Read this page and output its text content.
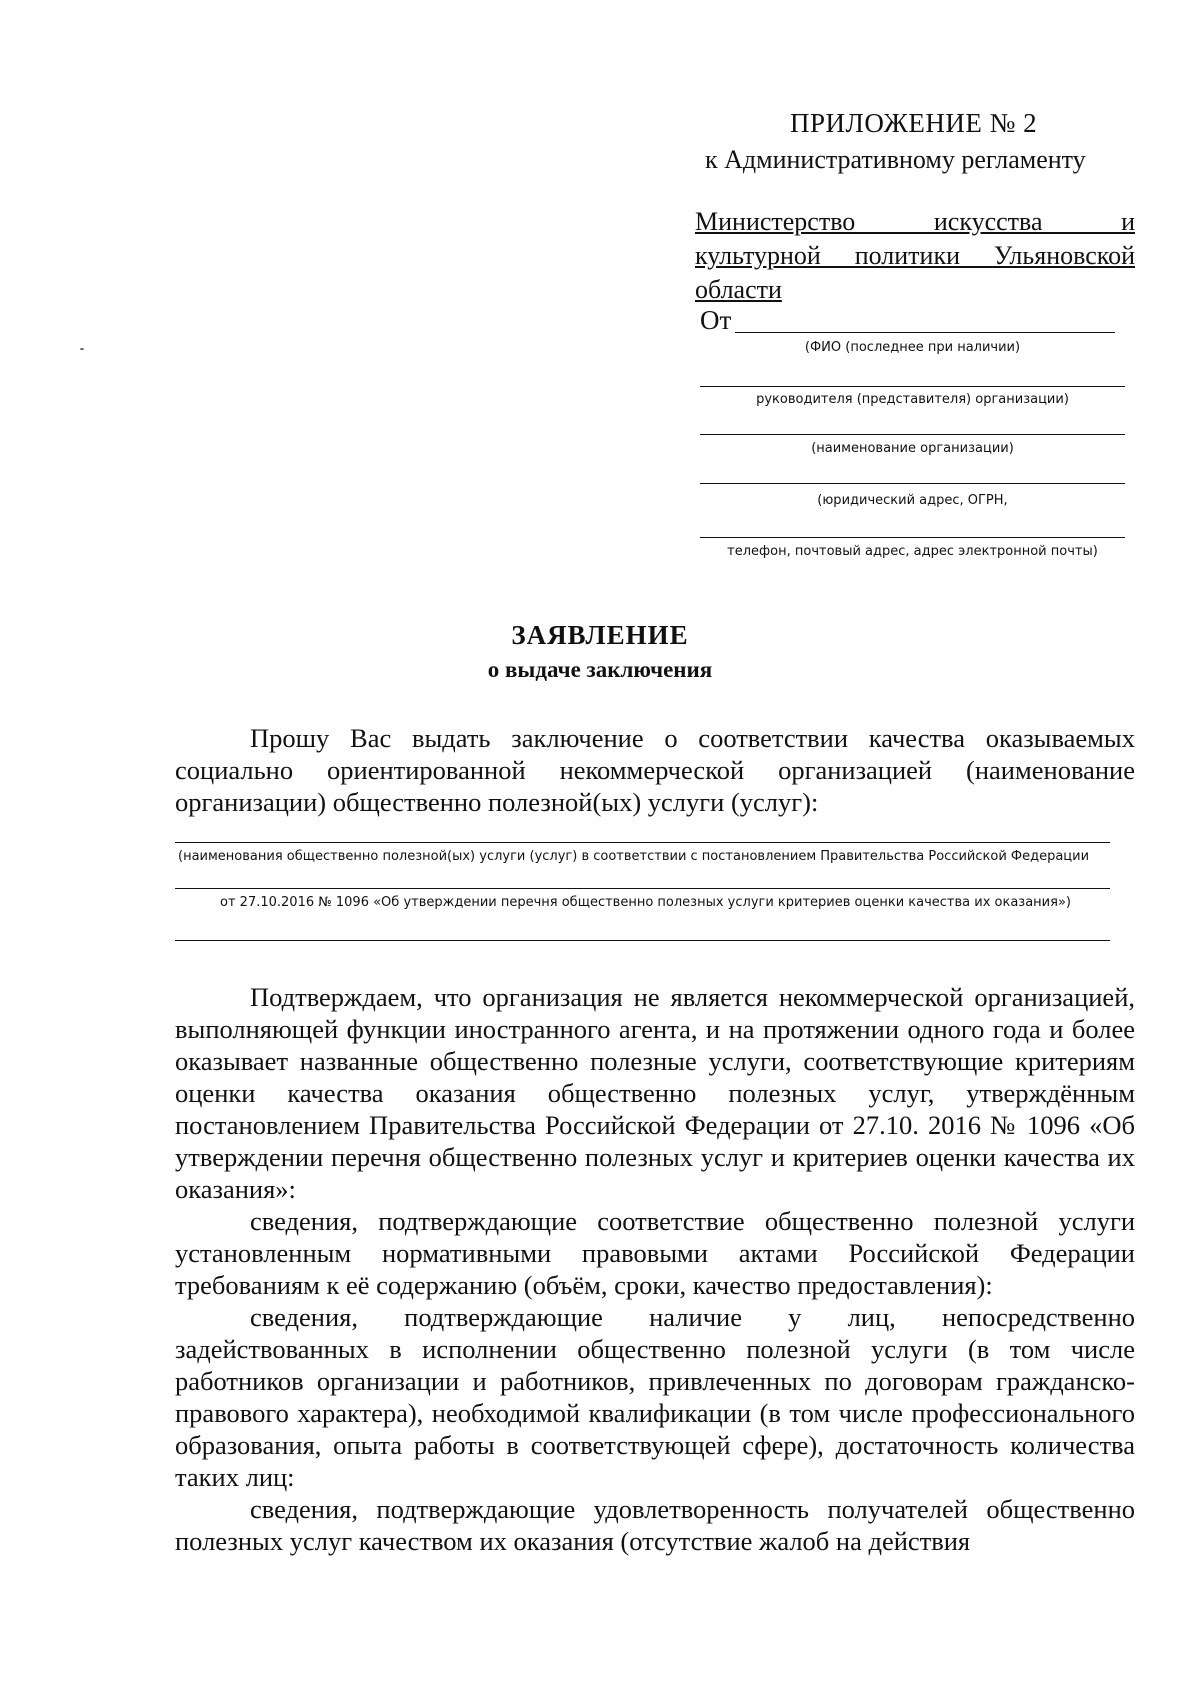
ПРИЛОЖЕНИЕ № 2
к Административному регламенту
Министерство искусства и
культурной политики Ульяновской
области
От
(ФИО (последнее при наличии)
руководителя (представителя) организации)
(наименование организации)
(юридический адрес, ОГРН,
телефон, почтовый адрес, адрес электронной почты)
ЗАЯВЛЕНИЕ
о выдаче заключения

Прошу Вас выдать заключение о соответствии качества оказываемых социально ориентированной некоммерческой организацией (наименование организации) общественно полезной(ых) услуги (услуг):

(наименования общественно полезной(ых) услуги (услуг) в соответствии с постановлением Правительства Российской Федерации
от 27.10.2016 № 1096 «Об утверждении перечня общественно полезных услуги критериев оценки качества их оказания»)

Подтверждаем, что организация не является некоммерческой организацией, выполняющей функции иностранного агента, и на протяжении одного года и более оказывает названные общественно полезные услуги, соответствующие критериям оценки качества оказания общественно полезных услуг, утверждённым постановлением Правительства Российской Федерации от 27.10. 2016 № 1096 «Об утверждении перечня общественно полезных услуг и критериев оценки качества их оказания»:

сведения, подтверждающие соответствие общественно полезной услуги установленным нормативными правовыми актами Российской Федерации требованиям к её содержанию (объём, сроки, качество предоставления):

сведения, подтверждающие наличие у лиц, непосредственно задействованных в исполнении общественно полезной услуги (в том числе работников организации и работников, привлеченных по договорам гражданско-правового характера), необходимой квалификации (в том числе профессионального образования, опыта работы в соответствующей сфере), достаточность количества таких лиц:

сведения, подтверждающие удовлетворенность получателей общественно полезных услуг качеством их оказания (отсутствие жалоб на действия
